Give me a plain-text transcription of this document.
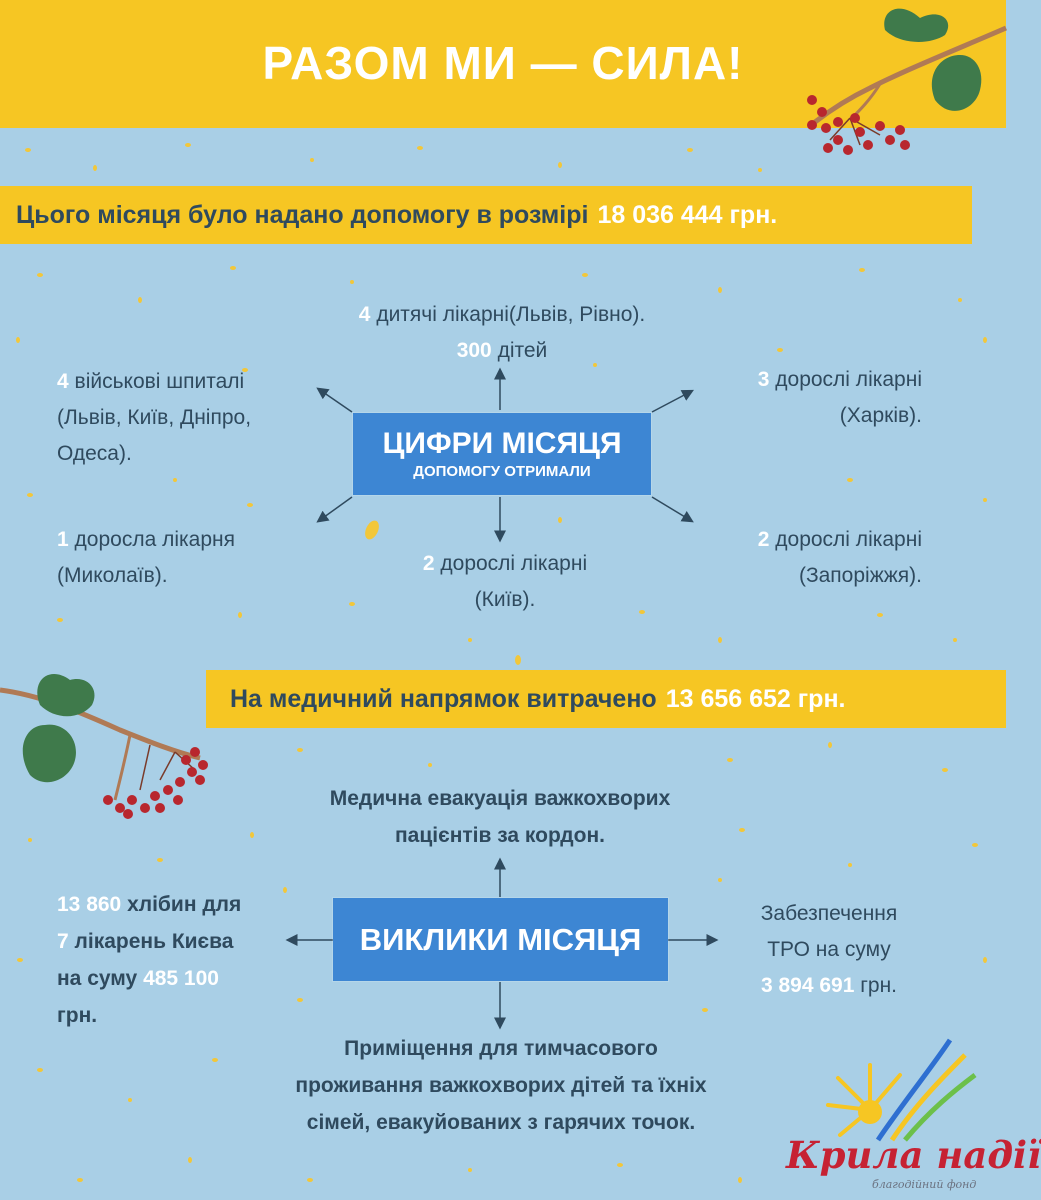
РАЗОМ МИ — СИЛА!
Цього місяця було надано допомогу в розмірі 18 036 444 грн.
ЦИФРИ МІСЯЦЯ
ДОПОМОГУ ОТРИМАЛИ
4 дитячі лікарні(Львів, Рівно).
300 дітей
4 військові шпиталі
(Львів, Київ, Дніпро,
Одеса).
3 дорослі лікарні
(Харків).
1 доросла лікарня
(Миколаїв).
2 дорослі лікарні
(Київ).
2 дорослі лікарні
(Запоріжжя).
На медичний напрямок витрачено 13 656 652 грн.
ВИКЛИКИ МІСЯЦЯ
Медична евакуація важкохворих
пацієнтів за кордон.
13 860 хлібин для
7 лікарень Києва
на суму 485 100
грн.
Забезпечення
ТРО на суму
3 894 691 грн.
Приміщення для тимчасового
проживання важкохворих дітей та їхніх
сімей, евакуйованих з гарячих точок.
Крила надії
благодійний фонд
